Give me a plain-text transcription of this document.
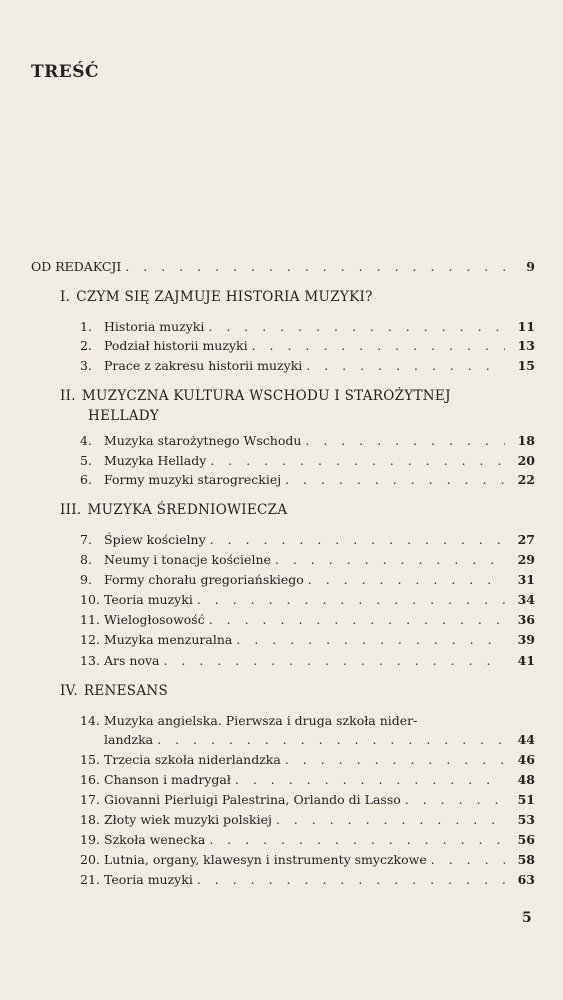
TREŚĆ
OD REDAKCJI . . .	9
I. CZYM SIĘ ZAJMUJE HISTORIA MUZYKI?
1. Historia muzyki . . .	11
2. Podział historii muzyki . . .	13
3. Prace z zakresu historii muzyki . . .	15
II. MUZYCZNA KULTURA WSCHODU I STAROŻYTNEJ
HELLADY
4. Muzyka starożytnego Wschodu . . .	18
5. Muzyka Hellady . . .	20
6. Formy muzyki starogreckiej . . .	22
III. MUZYKA ŚREDNIOWIECZA
7. Śpiew kościelny . . .	27
8. Neumy i tonacje kościelne . . .	29
9. Formy chorału gregoriańskiego . . .	31
10. Teoria muzyki . . .	34
11. Wielogłosowość . . .	36
12. Muzyka menzuralna . . .	39
13. Ars nova . . .	41
IV. RENESANS
14. Muzyka angielska. Pierwsza i druga szkoła nider-
landzka . . .	44
15. Trzecia szkoła niderlandzka . . .	46
16. Chanson i madrygał . . .	48
17. Giovanni Pierluigi Palestrina, Orlando di Lasso . . .	51
18. Złoty wiek muzyki polskiej . . .	53
19. Szkoła wenecka . . .	56
20. Lutnia, organy, klawesyn i instrumenty smyczkowe . . .	58
21. Teoria muzyki . . .	63
5
